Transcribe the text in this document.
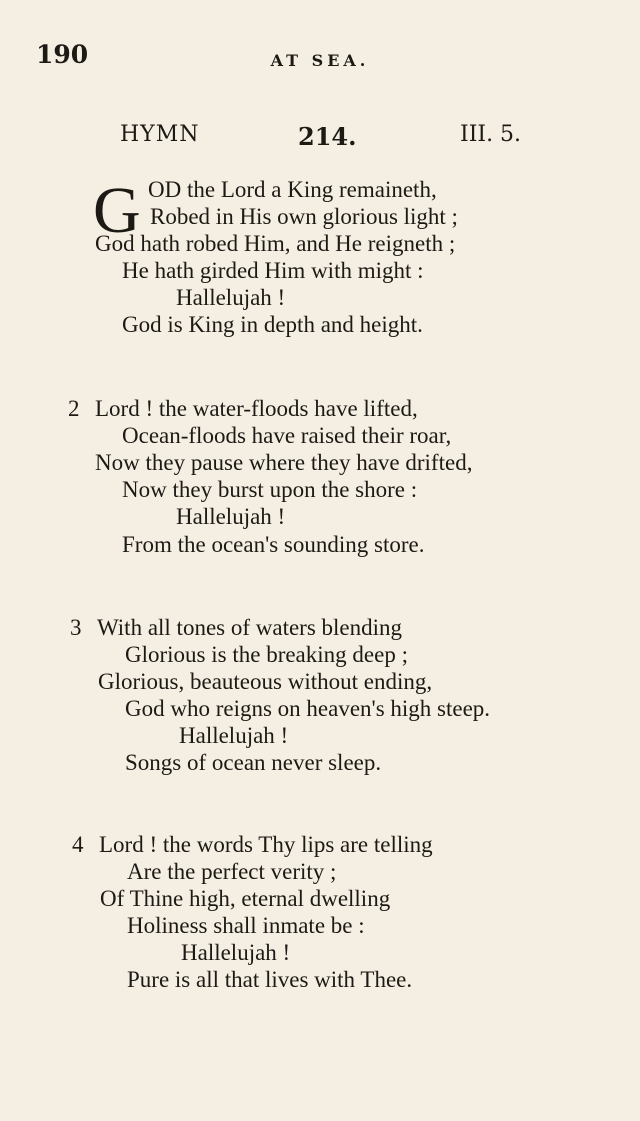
190	AT SEA.
HYMN	214.	III. 5.
G OD the Lord a King remaineth,
Robed in His own glorious light ;
God hath robed Him, and He reigneth ;
He hath girded Him with might :
Hallelujah !
God is King in depth and height.
2 Lord ! the water-floods have lifted,
Ocean-floods have raised their roar,
Now they pause where they have drifted,
Now they burst upon the shore :
Hallelujah !
From the ocean's sounding store.
3 With all tones of waters blending
Glorious is the breaking deep ;
Glorious, beauteous without ending,
God who reigns on heaven's high steep.
Hallelujah !
Songs of ocean never sleep.
4 Lord ! the words Thy lips are telling
Are the perfect verity ;
Of Thine high, eternal dwelling
Holiness shall inmate be :
Hallelujah !
Pure is all that lives with Thee.
